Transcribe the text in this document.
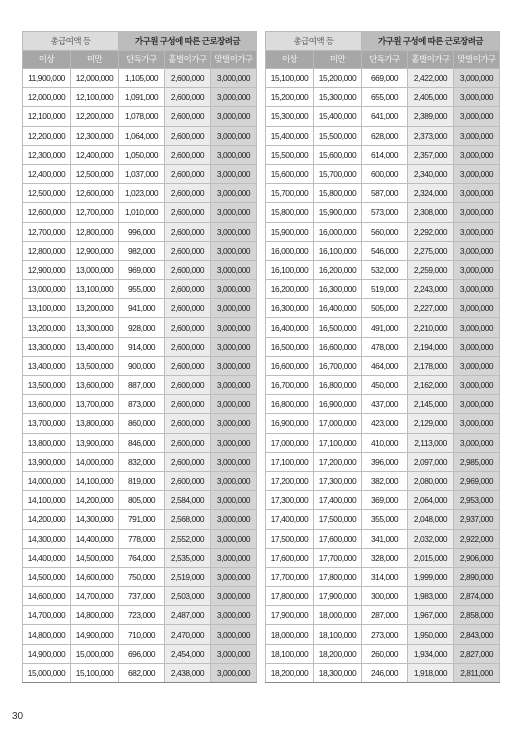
총급여액 등		가구원 구성에 따른 근로장려금		
이상	미만	단독가구	홑벌이가구	맞벌이가구
11,900,000	12,000,000	1,105,000	2,600,000	3,000,000
12,000,000	12,100,000	1,091,000	2,600,000	3,000,000
12,100,000	12,200,000	1,078,000	2,600,000	3,000,000
12,200,000	12,300,000	1,064,000	2,600,000	3,000,000
12,300,000	12,400,000	1,050,000	2,600,000	3,000,000
12,400,000	12,500,000	1,037,000	2,600,000	3,000,000
12,500,000	12,600,000	1,023,000	2,600,000	3,000,000
12,600,000	12,700,000	1,010,000	2,600,000	3,000,000
12,700,000	12,800,000	996,000	2,600,000	3,000,000
12,800,000	12,900,000	982,000	2,600,000	3,000,000
12,900,000	13,000,000	969,000	2,600,000	3,000,000
13,000,000	13,100,000	955,000	2,600,000	3,000,000
13,100,000	13,200,000	941,000	2,600,000	3,000,000
13,200,000	13,300,000	928,000	2,600,000	3,000,000
13,300,000	13,400,000	914,000	2,600,000	3,000,000
13,400,000	13,500,000	900,000	2,600,000	3,000,000
13,500,000	13,600,000	887,000	2,600,000	3,000,000
13,600,000	13,700,000	873,000	2,600,000	3,000,000
13,700,000	13,800,000	860,000	2,600,000	3,000,000
13,800,000	13,900,000	846,000	2,600,000	3,000,000
13,900,000	14,000,000	832,000	2,600,000	3,000,000
14,000,000	14,100,000	819,000	2,600,000	3,000,000
14,100,000	14,200,000	805,000	2,584,000	3,000,000
14,200,000	14,300,000	791,000	2,568,000	3,000,000
14,300,000	14,400,000	778,000	2,552,000	3,000,000
14,400,000	14,500,000	764,000	2,535,000	3,000,000
14,500,000	14,600,000	750,000	2,519,000	3,000,000
14,600,000	14,700,000	737,000	2,503,000	3,000,000
14,700,000	14,800,000	723,000	2,487,000	3,000,000
14,800,000	14,900,000	710,000	2,470,000	3,000,000
14,900,000	15,000,000	696,000	2,454,000	3,000,000
15,000,000	15,100,000	682,000	2,438,000	3,000,000
총급여액 등		가구원 구성에 따른 근로장려금		
이상	미만	단독가구	홑벌이가구	맞벌이가구
15,100,000	15,200,000	669,000	2,422,000	3,000,000
15,200,000	15,300,000	655,000	2,405,000	3,000,000
15,300,000	15,400,000	641,000	2,389,000	3,000,000
15,400,000	15,500,000	628,000	2,373,000	3,000,000
15,500,000	15,600,000	614,000	2,357,000	3,000,000
15,600,000	15,700,000	600,000	2,340,000	3,000,000
15,700,000	15,800,000	587,000	2,324,000	3,000,000
15,800,000	15,900,000	573,000	2,308,000	3,000,000
15,900,000	16,000,000	560,000	2,292,000	3,000,000
16,000,000	16,100,000	546,000	2,275,000	3,000,000
16,100,000	16,200,000	532,000	2,259,000	3,000,000
16,200,000	16,300,000	519,000	2,243,000	3,000,000
16,300,000	16,400,000	505,000	2,227,000	3,000,000
16,400,000	16,500,000	491,000	2,210,000	3,000,000
16,500,000	16,600,000	478,000	2,194,000	3,000,000
16,600,000	16,700,000	464,000	2,178,000	3,000,000
16,700,000	16,800,000	450,000	2,162,000	3,000,000
16,800,000	16,900,000	437,000	2,145,000	3,000,000
16,900,000	17,000,000	423,000	2,129,000	3,000,000
17,000,000	17,100,000	410,000	2,113,000	3,000,000
17,100,000	17,200,000	396,000	2,097,000	2,985,000
17,200,000	17,300,000	382,000	2,080,000	2,969,000
17,300,000	17,400,000	369,000	2,064,000	2,953,000
17,400,000	17,500,000	355,000	2,048,000	2,937,000
17,500,000	17,600,000	341,000	2,032,000	2,922,000
17,600,000	17,700,000	328,000	2,015,000	2,906,000
17,700,000	17,800,000	314,000	1,999,000	2,890,000
17,800,000	17,900,000	300,000	1,983,000	2,874,000
17,900,000	18,000,000	287,000	1,967,000	2,858,000
18,000,000	18,100,000	273,000	1,950,000	2,843,000
18,100,000	18,200,000	260,000	1,934,000	2,827,000
18,200,000	18,300,000	246,000	1,918,000	2,811,000
30
